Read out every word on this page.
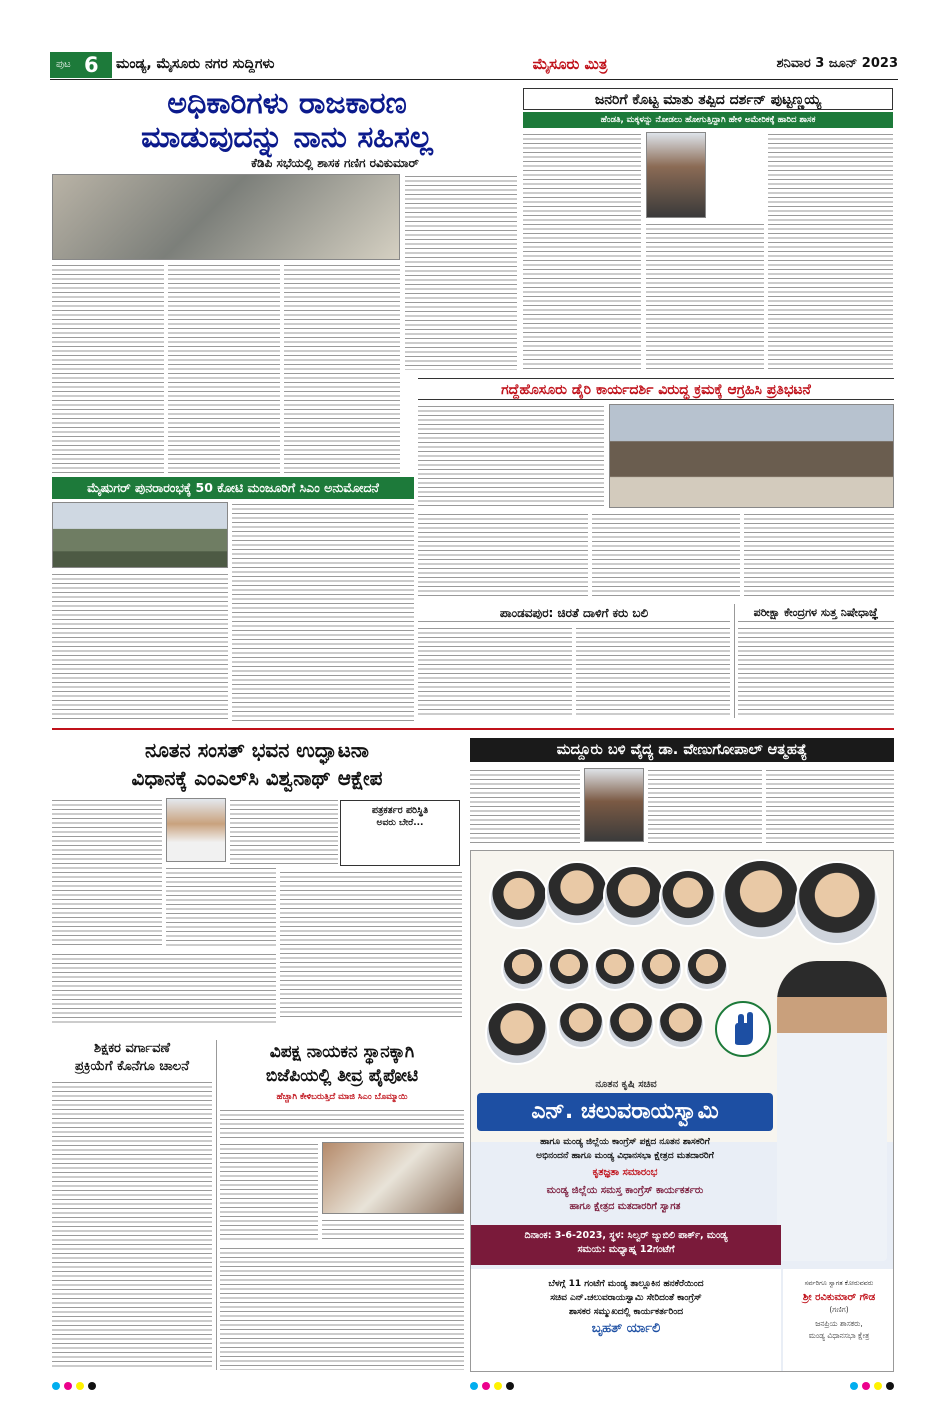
ಪುಟ 6 ಮಂಡ್ಯ, ಮೈಸೂರು ನಗರ ಸುದ್ದಿಗಳು	ಮೈಸೂರು ಮಿತ್ರ	ಶನಿವಾರ 3 ಜೂನ್ 2023
ಅಧಿಕಾರಿಗಳು ರಾಜಕಾರಣ
ಮಾಡುವುದನ್ನು ನಾನು ಸಹಿಸಲ್ಲ
ಕೆಡಿಪಿ ಸಭೆಯಲ್ಲಿ ಶಾಸಕ ಗಣಿಗ ರವಿಕುಮಾರ್
ಜನರಿಗೆ ಕೊಟ್ಟ ಮಾತು ತಪ್ಪಿದ ದರ್ಶನ್ ಪುಟ್ಟಣ್ಣಯ್ಯ
ಹೆಂಡತಿ, ಮಕ್ಕಳನ್ನು ನೋಡಲು ಹೋಗುತ್ತಿದ್ದಾಗಿ ಹೇಳಿ ಅಮೇರಿಕಕ್ಕೆ ಹಾರಿದ ಶಾಸಕ
ಗದ್ದೆಹೊಸೂರು ಡೈರಿ ಕಾರ್ಯದರ್ಶಿ ವಿರುದ್ಧ ಕ್ರಮಕ್ಕೆ ಆಗ್ರಹಿಸಿ ಪ್ರತಿಭಟನೆ
ಮೈಷುಗರ್ ಪುನರಾರಂಭಕ್ಕೆ 50 ಕೋಟಿ ಮಂಜೂರಿಗೆ ಸಿಎಂ ಅನುಮೋದನೆ
ಪಾಂಡವಪುರ: ಚಿರತೆ ದಾಳಿಗೆ ಕರು ಬಲಿ	ಪರೀಕ್ಷಾ ಕೇಂದ್ರಗಳ ಸುತ್ತ ನಿಷೇಧಾಜ್ಞೆ
ನೂತನ ಸಂಸತ್ ಭವನ ಉದ್ಘಾಟನಾ
ವಿಧಾನಕ್ಕೆ ಎಂಎಲ್‌ಸಿ ವಿಶ್ವನಾಥ್ ಆಕ್ಷೇಪ
ಪತ್ರಕರ್ತರ ಪರಿಸ್ಥಿತಿ
ಅವರು ಬೇರೆ...
ಮದ್ದೂರು ಬಳಿ ವೈದ್ಯ ಡಾ. ವೇಣುಗೋಪಾಲ್ ಆತ್ಮಹತ್ಯೆ
ಶಿಕ್ಷಕರ ವರ್ಗಾವಣೆ
ಪ್ರಕ್ರಿಯೆಗೆ ಕೊನೆಗೂ ಚಾಲನೆ
ವಿಪಕ್ಷ ನಾಯಕನ ಸ್ಥಾನಕ್ಕಾಗಿ
ಬಿಜೆಪಿಯಲ್ಲಿ ತೀವ್ರ ಪೈಪೋಟಿ
ಹೆಚ್ಚಾಗಿ ಕೇಳಿಬರುತ್ತಿದೆ ಮಾಜಿ ಸಿಎಂ ಬೊಮ್ಮಾಯಿ
ನೂತನ ಕೃಷಿ ಸಚಿವ
ಎನ್. ಚಲುವರಾಯಸ್ವಾಮಿ
ಹಾಗೂ ಮಂಡ್ಯ ಜಿಲ್ಲೆಯ ಕಾಂಗ್ರೆಸ್ ಪಕ್ಷದ ನೂತನ ಶಾಸಕರಿಗೆ
ಅಭಿನಂದನೆ ಹಾಗೂ ಮಂಡ್ಯ ವಿಧಾನಸಭಾ ಕ್ಷೇತ್ರದ ಮತದಾರರಿಗೆ
ಕೃತಜ್ಞತಾ ಸಮಾರಂಭ
ಮಂಡ್ಯ ಜಿಲ್ಲೆಯ ಸಮಸ್ತ ಕಾಂಗ್ರೆಸ್ ಕಾರ್ಯಕರ್ತರು
ಹಾಗೂ ಕ್ಷೇತ್ರದ ಮತದಾರರಿಗೆ ಸ್ವಾಗತ
ದಿನಾಂಕ: 3-6-2023, ಸ್ಥಳ: ಸಿಲ್ವರ್ ಜ್ಯುಬಿಲಿ ಪಾರ್ಕ್, ಮಂಡ್ಯ
ಸಮಯ: ಮಧ್ಯಾಹ್ನ 12ಗಂಟೆಗೆ
ಬೆಳಗ್ಗೆ 11 ಗಂಟೆಗೆ ಮಂಡ್ಯ ತಾಲ್ಲೂಕಿನ ಹನಕೆರೆಯಿಂದ
ಸಚಿವ ಎನ್.ಚಲುವರಾಯಸ್ವಾಮಿ ಸೇರಿದಂತೆ ಕಾಂಗ್ರೆಸ್
ಶಾಸಕರ ಸಮ್ಮುಖದಲ್ಲಿ ಕಾರ್ಯಕರ್ತರಿಂದ
ಬೃಹತ್ ರ್ಯಾಲಿ
ಸರ್ವರಿಗೂ ಸ್ವಾಗತ ಕೋರುವವರು
ಶ್ರೀ ರವಿಕುಮಾರ್ ಗೌಡ
(ಗಣಿಗ)
ಜನಪ್ರಿಯ ಶಾಸಕರು,
ಮಂಡ್ಯ ವಿಧಾನಸಭಾ ಕ್ಷೇತ್ರ
